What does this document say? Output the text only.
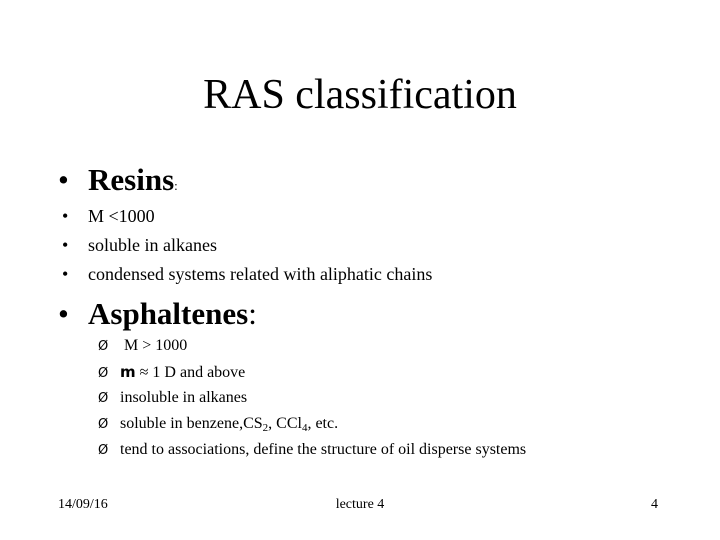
RAS classification
• Resins:
• M <1000
• soluble in alkanes
• condensed systems related with aliphatic chains
• Asphaltenes:
Ø M > 1000
Ø m ≈ 1 D and above
Ø insoluble in alkanes
Ø soluble in $benzene,CS_2$, CCl$_4$, etc.
Ø tend to associations, define the structure of oil disperse systems
14/09/16	lecture 4	4
